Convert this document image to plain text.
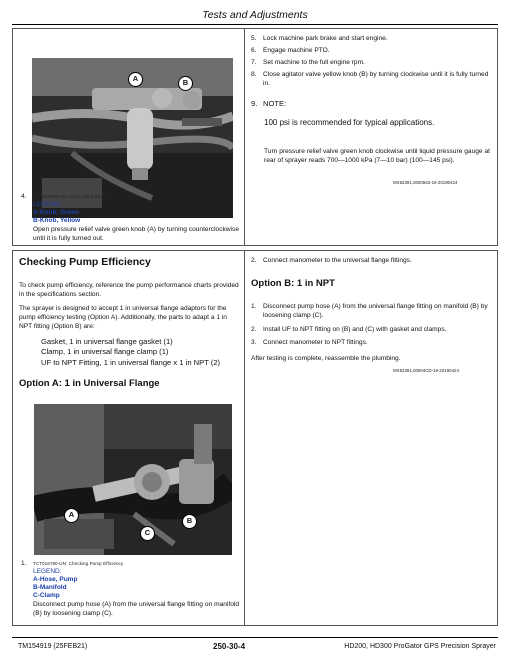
Tests and Adjustments
A	B
4. TCT016290-UN: Close Inline Strainer
LEGEND:
A-Knob, Green
B-Knob, Yellow
Open pressure relief valve green knob (A) by turning counterclockwise until it is fully turned out.
5. Lock machine park brake and start engine.
6. Engage machine PTO.
7. Set machine to the full engine rpm.
8. Close agitator valve yellow knob (B) by turning clockwise until it is fully turned in.
9. NOTE:
100 psi is recommended for typical applications.
Turn pressure relief valve green knob clockwise until liquid pressure gauge at rear of sprayer reads 700—1000 kPa (7—10 bar) (100—145 psi).
MX52391,0000563-19-20190424
Checking Pump Efficiency
To check pump efficiency, reference the pump performance charts provided in the specifications section.
The sprayer is designed to accept 1 in universal flange adaptors for the pump efficiency testing (Option A). Additionally, the parts to adapt a 1 in NPT fitting (Option B) are:
Gasket, 1 in universal flange gasket (1)
Clamp, 1 in universal flange clamp (1)
UF to NPT Fitting, 1 in universal flange x 1 in NPT (2)
Option A: 1 in Universal Flange
A
B
C
1. TCT016780-UN: Checking Pump Efficiency
LEGEND:
A-Hose, Pump
B-Manifold
C-Clamp
Disconnect pump hose (A) from the universal flange fitting on manifold (B) by loosening clamp (C).
2. Connect manometer to the universal flange fittings.
Option B: 1 in NPT
1. Disconnect pump hose (A) from the universal flange fitting on manifold (B) by loosening clamp (C).
2. Install UF to NPT fitting on (B) and (C) with gasket and clamps.
3. Connect manometer to NPT fittings.
After testing is complete, reassemble the plumbing.
MX52391,00004CD-19-20190424
TM154919 (25FEB21)	250-30-4	HD200, HD300 ProGator GPS Precision Sprayer
